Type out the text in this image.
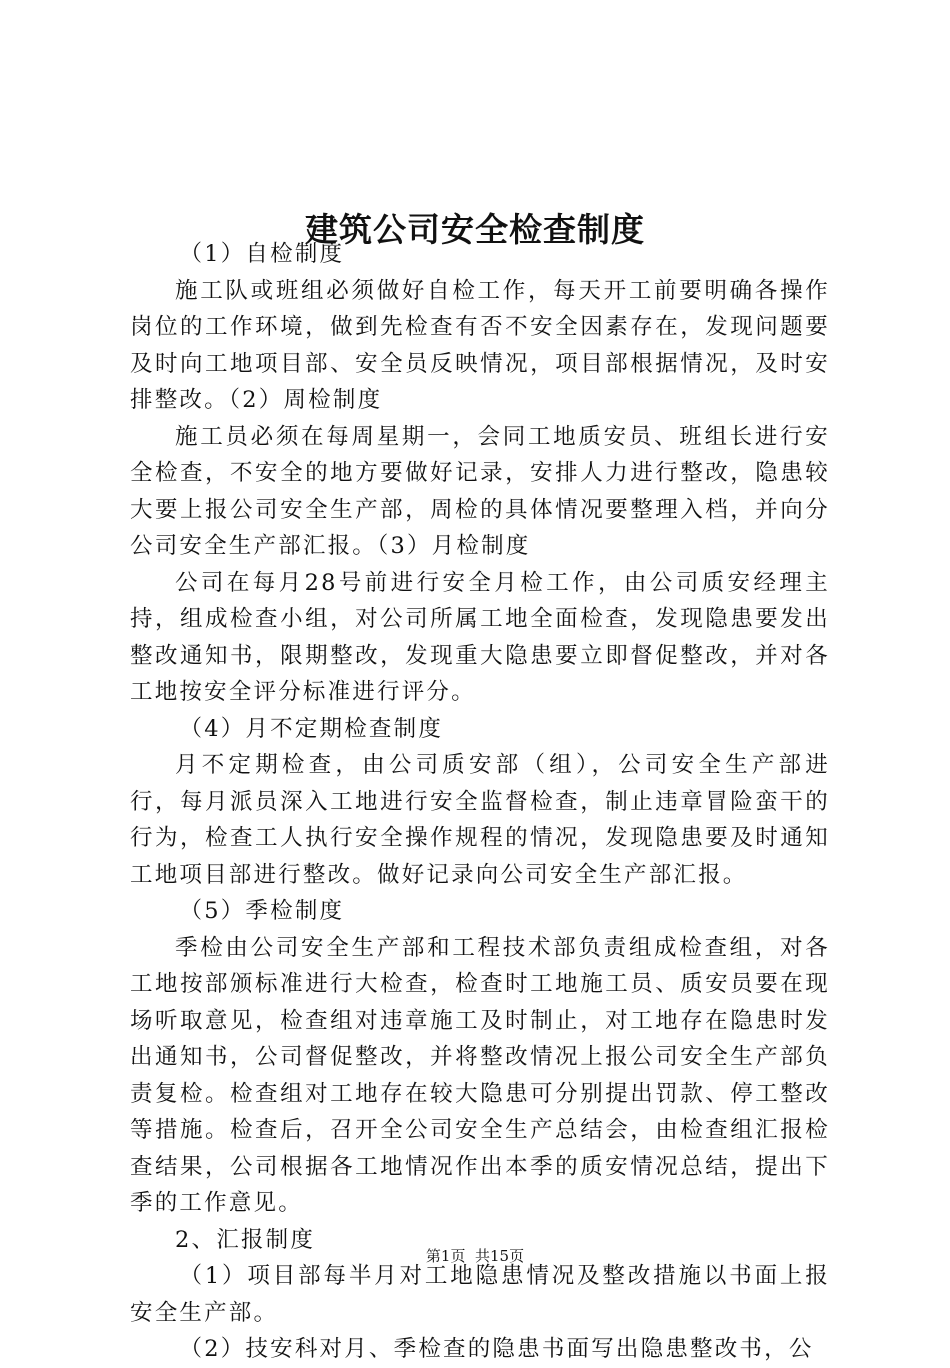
建筑公司安全检查制度

（1）自检制度

施工队或班组必须做好自检工作，每天开工前要明确各操作岗位的工作环境，做到先检查有否不安全因素存在，发现问题要及时向工地项目部、安全员反映情况，项目部根据情况，及时安排整改。（2）周检制度

施工员必须在每周星期一，会同工地质安员、班组长进行安全检查，不安全的地方要做好记录，安排人力进行整改，隐患较大要上报公司安全生产部，周检的具体情况要整理入档，并向分公司安全生产部汇报。（3）月检制度

公司在每月28号前进行安全月检工作，由公司质安经理主持，组成检查小组，对公司所属工地全面检查，发现隐患要发出整改通知书，限期整改，发现重大隐患要立即督促整改，并对各工地按安全评分标准进行评分。

（4）月不定期检查制度

月不定期检查，由公司质安部（组），公司安全生产部进行，每月派员深入工地进行安全监督检查，制止违章冒险蛮干的行为，检查工人执行安全操作规程的情况，发现隐患要及时通知工地项目部进行整改。做好记录向公司安全生产部汇报。

（5）季检制度

季检由公司安全生产部和工程技术部负责组成检查组，对各工地按部颁标准进行大检查，检查时工地施工员、质安员要在现场听取意见，检查组对违章施工及时制止，对工地存在隐患时发出通知书，公司督促整改，并将整改情况上报公司安全生产部负责复检。检查组对工地存在较大隐患可分别提出罚款、停工整改等措施。检查后，召开全公司安全生产总结会，由检查组汇报检查结果，公司根据各工地情况作出本季的质安情况总结，提出下季的工作意见。

2、汇报制度

（1）项目部每半月对工地隐患情况及整改措施以书面上报安全生产部。

（2）技安科对月、季检查的隐患书面写出隐患整改书，公

第1页  共15页
